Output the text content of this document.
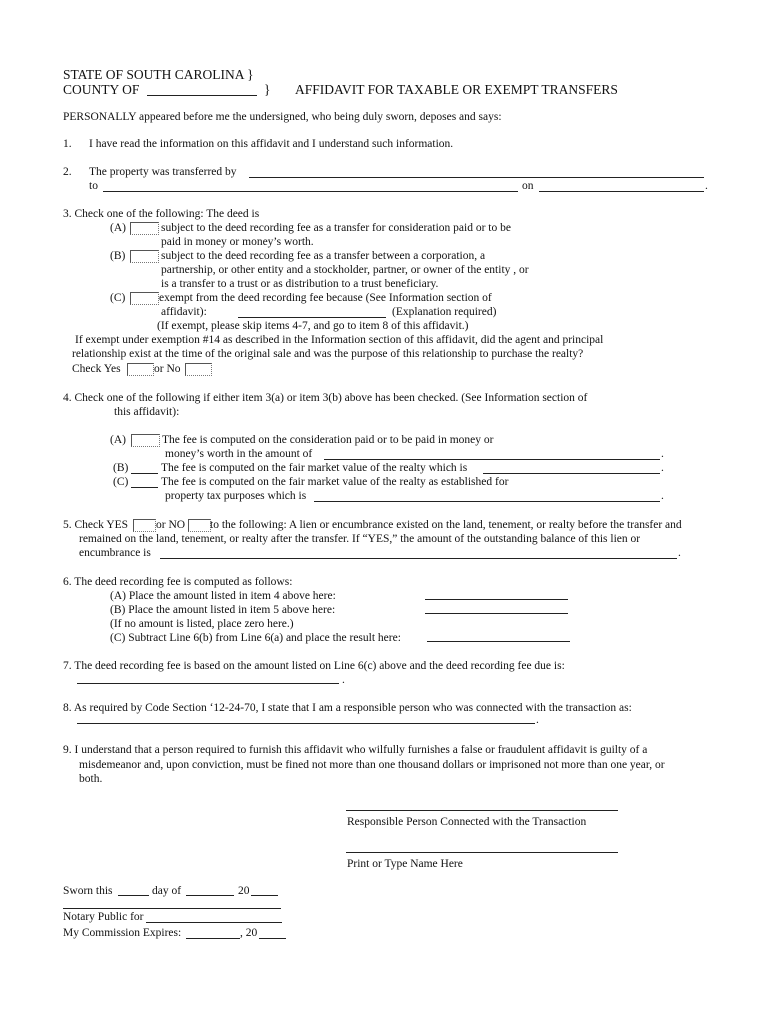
STATE OF SOUTH CAROLINA }
COUNTY OF	} AFFIDAVIT FOR TAXABLE OR EXEMPT TRANSFERS
PERSONALLY appeared before me the undersigned, who being duly sworn, deposes and says:
1. I have read the information on this affidavit and I understand such information.
2. The property was transferred by
to	on	.
3. Check one of the following: The deed is
(A)	subject to the deed recording fee as a transfer for consideration paid or to be
paid in money or money’s worth.
(B)	subject to the deed recording fee as a transfer between a corporation, a
partnership, or other entity and a stockholder, partner, or owner of the entity , or
is a transfer to a trust or as distribution to a trust beneficiary.
(C)	exempt from the deed recording fee because (See Information section of
affidavit):	(Explanation required)
(If exempt, please skip items 4-7, and go to item 8 of this affidavit.)
If exempt under exemption #14 as described in the Information section of this affidavit, did the agent and principal
relationship exist at the time of the original sale and was the purpose of this relationship to purchase the realty?
Check Yes	or No
4. Check one of the following if either item 3(a) or item 3(b) above has been checked. (See Information section of
this affidavit):
(A)	The fee is computed on the consideration paid or to be paid in money or
money’s worth in the amount of	.
(B)	The fee is computed on the fair market value of the realty which is	.
(C)	The fee is computed on the fair market value of the realty as established for
property tax purposes which is	.
5. Check YES or NO to the following: A lien or encumbrance existed on the land, tenement, or realty before the transfer and
remained on the land, tenement, or realty after the transfer. If “YES,” the amount of the outstanding balance of this lien or
encumbrance is	.
6. The deed recording fee is computed as follows:
(A) Place the amount listed in item 4 above here:
(B) Place the amount listed in item 5 above here:
(If no amount is listed, place zero here.)
(C) Subtract Line 6(b) from Line 6(a) and place the result here:
7. The deed recording fee is based on the amount listed on Line 6(c) above and the deed recording fee due is:
.
8. As required by Code Section ‘12-24-70, I state that I am a responsible person who was connected with the transaction as:
.
9. I understand that a person required to furnish this affidavit who wilfully furnishes a false or fraudulent affidavit is guilty of a
misdemeanor and, upon conviction, must be fined not more than one thousand dollars or imprisoned not more than one year, or
both.
Responsible Person Connected with the Transaction
Print or Type Name Here
Sworn this	day of	20
Notary Public for
My Commission Expires:	, 20
